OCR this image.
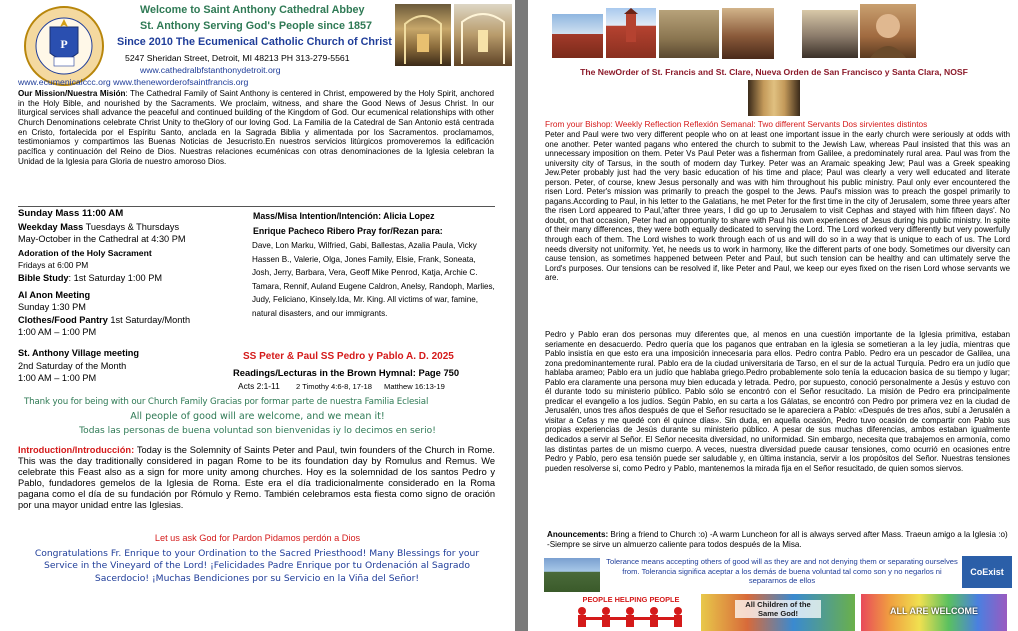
P
Welcome to Saint Anthony Cathedral Abbey
St. Anthony Serving God's People since 1857
Since 2010 The Ecumenical Catholic Church of Christ
5247 Sheridan Street, Detroit, MI 48213 PH 313-279-5561
www.cathedralbfstanthonydetroit.org
www.ecumenicalccc.org www.theneworderofsaintfrancis.org
Our Mission/Nuestra Misión: The Cathedral Family of Saint Anthony is centered in Christ, empowered by the Holy Spirit, anchored in the Holy Bible, and nourished by the Sacraments. We proclaim, witness, and share the Good News of Jesus Christ. In our liturgical services shall advance the peaceful and continued building of the Kingdom of God. Our ecumenical relationships with other Church Denominations celebrate Christ Unity to theGlory of our loving God. La Familia de la Catedral de San Antonio está centrada en Cristo, fortalecida por el Espíritu Santo, anclada en la Sagrada Biblia y alimentada por los Sacramentos. proclamamos, testimoniamos y compartimos las Buenas Noticias de Jesucristo.En nuestros servicios litúrgicos promoveremos la edificación pacífica y continuación del Reino de Dios. Nuestras relaciones ecuménicas con otras denominaciones de la Iglesia celebran la Unidad de la Iglesia para Gloria de nuestro amoroso Dios.
Sunday Mass 11:00 AM
Weekday Mass Tuesdays & Thursdays
May-October in the Cathedral at 4:30 PM
Adoration of the Holy Sacrament
Fridays at 6:00 PM
Bible Study: 1st Saturday 1:00 PM
Al Anon Meeting
Sunday 1:30 PM
Clothes/Food Pantry 1st Saturday/Month
1:00 AM – 1:00 PM
St. Anthony Village meeting
2nd Saturday of the Month
1:00 AM – 1:00 PM
Mass/Misa Intention/Intención: Alicia Lopez
Enrique Pacheco Ribero Pray for/Rezan para:
Dave, Lon Marku, Wilfried, Gabi, Ballestas, Azalia Paula, Vicky Hassen B., Valerie, Olga, Jones Family, Elsie, Frank, Soneata, Josh, Jerry, Barbara, Vera, Geoff Mike Penrod, Katja, Archie C. Tamara, Rennif, Auland Eugene Caldron, Anelsy, Randoph, Marlies, Judy, Feliciano, Kinsely.Ida, Mr. King. All victims of war, famine, natural disasters, and our immigrants.
SS Peter & Paul SS Pedro y Pablo A. D. 2025
Readings/Lecturas in the Brown Hymnal: Page 750
Acts 2:1-11 2 Timothy 4:6-8, 17-18 Matthew 16:13-19
Thank you for being with our Church Family Gracias por formar parte de nuestra Familia Eclesial
All people of good will are welcome, and we mean it!
Todas las personas de buena voluntad son bienvenidas iy lo decimos en serio!
Introduction/Introducción: Today is the Solemnity of Saints Peter and Paul, twin founders of the Church in Rome. This was the day traditionally considered in pagan Rome to be its foundation day by Romulus and Remus. We celebrate this Feast also as a sign for more unity among churches. Hoy es la solemnidad de los santos Pedro y Pablo, fundadores gemelos de la Iglesia de Roma. Este era el día tradicionalmente considerado en la Roma pagana como el día de su fundación por Rómulo y Remo. También celebramos esta fiesta como signo de oración por una mayor unidad entre las Iglesias.
Let us ask God for Pardon Pidamos perdón a Dios
Congratulations Fr. Enrique to your Ordination to the Sacred Priesthood! Many Blessings for your Service in the Vineyard of the Lord! ¡Felicidades Padre Enrique por tu Ordenación al Sagrado Sacerdocio! ¡Muchas Bendiciones por su Servicio en la Viña del Señor!
The NewOrder of St. Francis and St. Clare, Nueva Orden de San Francisco y Santa Clara, NOSF
From your Bishop: Weekly Reflection Reflexión Semanal: Two different Servants Dos sirvientes distintos
Peter and Paul were two very different people who on at least one important issue in the early church were seriously at odds with one another. Peter wanted pagans who entered the church to submit to the Jewish Law, whereas Paul insisted that this was an unnecessary imposition on them. Peter Vs Paul Peter was a fisherman from Galilee, a predominately rural area. Paul was from the university city of Tarsus, in the south of modern day Turkey. Peter was an Aramaic speaking Jew; Paul was a Greek speaking Jew.Peter probably just had the very basic education of his time and place; Paul was clearly a very well educated and literate person. Peter, of course, knew Jesus personally and was with him throughout his public ministry. Paul only ever encountered the risen Lord. Peter's mission was primarily to preach the gospel to the Jews. Paul's mission was to preach the gospel primarily to pagans.According to Paul, in his letter to the Galatians, he met Peter for the first time in the city of Jerusalem, some three years after the risen Lord appeared to Paul,'after three years, I did go up to Jerusalem to visit Cephas and stayed with him fifteen days'. No doubt, on that occasion, Peter had an opportunity to share with Paul his own experiences of Jesus during his public ministry. In spite of their many differences, they were both equally dedicated to serving the Lord. The Lord worked very differently but very powerfully through each of them. The Lord wishes to work through each of us and will do so in a way that is unique to each of us. The Lord needs diversity not uniformity. Yet, he needs us to work in harmony, like the different parts of one body. Sometimes our diversity can cause tension, as sometimes happened between Peter and Paul, but such tension can be healthy and can ultimately serve the Lord's purposes. Our tensions can be resolved if, like Peter and Paul, we keep our eyes fixed on the risen Lord whose servants we are.
Pedro y Pablo eran dos personas muy diferentes que, al menos en una cuestión importante de la Iglesia primitiva, estaban seriamente en desacuerdo. Pedro quería que los paganos que entraban en la iglesia se sometieran a la ley judía, mientras que Pablo insistía en que esto era una imposición innecesaria para ellos. Pedro contra Pablo. Pedro era un pescador de Galilea, una zona predominantemente rural. Pablo era de la ciudad universitaria de Tarso, en el sur de la actual Turquía. Pedro era un judío que hablaba arameo; Pablo era un judío que hablaba griego.Pedro probablemente solo tenía la educacion basica de su tiempo y lugar; Pablo era claramente una persona muy bien educada y letrada. Pedro, por supuesto, conoció personalmente a Jesús y estuvo con él durante todo su ministerio público. Pablo sólo se encontró con el Señor resucitado. La misión de Pedro era principalmente predicar el evangelio a los judíos. Según Pablo, en su carta a los Gálatas, se encontró con Pedro por primera vez en la ciudad de Jerusalén, unos tres años después de que el Señor resucitado se le apareciera a Pablo: «Después de tres años, subí a Jerusalén a visitar a Cefas y me quedé con él quince días». Sin duda, en aquella ocasión, Pedro tuvo ocasión de compartir con Pablo sus propias experiencias de Jesús durante su ministerio público. A pesar de sus muchas diferencias, ambos estaban igualmente dedicados a servir al Señor. El Señor necesita diversidad, no uniformidad. Sin embargo, necesita que trabajemos en armonía, como las distintas partes de un mismo cuerpo. A veces, nuestra diversidad puede causar tensiones, como ocurrió en ocasiones entre Pedro y Pablo, pero esa tensión puede ser saludable y, en última instancia, servir a los propósitos del Señor. Nuestras tensiones pueden resolverse si, como Pedro y Pablo, mantenemos la mirada fija en el Señor resucitado, de quien somos siervos.
Anouncements: Bring a friend to Church :o) -A warm Luncheon for all is always served after Mass. Traeun amigo a la Iglesia :o) -Siempre se sirve un almuerzo caliente para todos después de la Misa.
Tolerance means accepting others of good will as they are and not denying them or separating ourselves from. Tolerancia significa aceptar a los demás de buena voluntad tal como son y no negarlos ni separarnos de ellos
CoExist
PEOPLE HELPING PEOPLE
All Children of the Same God!	ALL ARE WELCOME
